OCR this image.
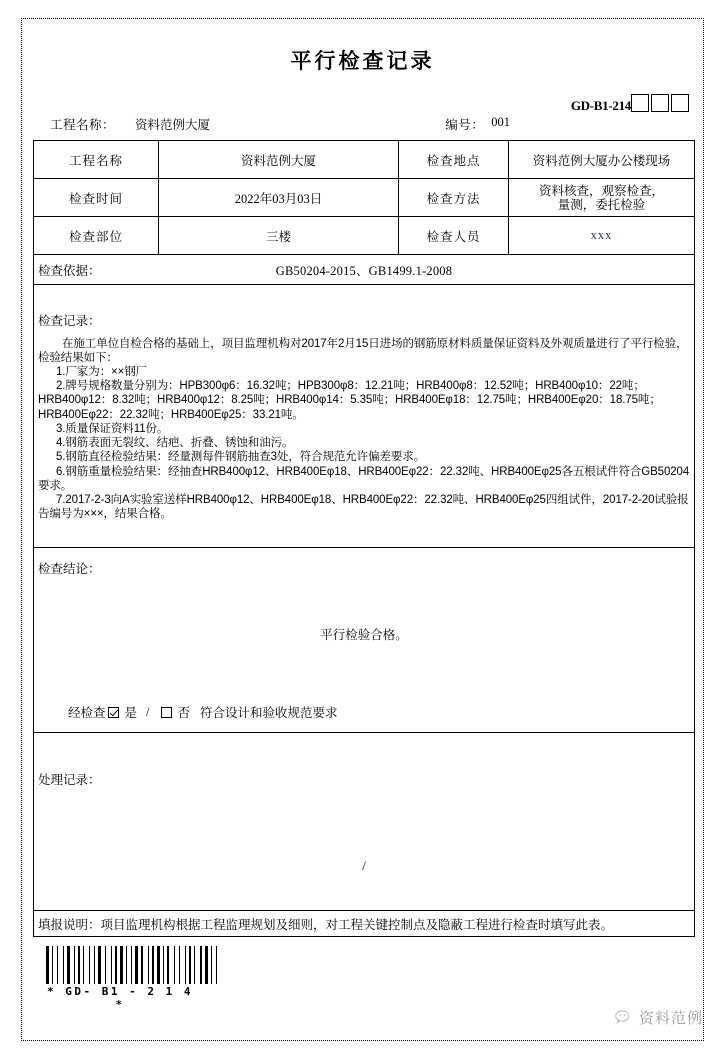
平行检查记录
GD-B1-214
工程名称： 资料范例大厦	编号： 001
工程名称	资料范例大厦	检查地点	资料范例大厦办公楼现场
检查时间	2022年03月03日	检查方法	资料核查，观察检查，
量测，委托检验

检查部位	三楼	检查人员	xxx
检查依据： GB50204-2015、GB1499.1-2008			

检查记录：

在施工单位自检合格的基础上，项目监理机构对2017年2月15日进场的钢筋原材料质量保证资料及外观质量进行了平行检验，检验结果如下：

1.厂家为：××钢厂

2.牌号规格数量分别为：HPB300φ6：16.32吨；HPB300φ8：12.21吨；HRB400φ8：12.52吨；HRB400φ10：22吨；HRB400φ12：8.32吨；HRB400φ12：8.25吨；HRB400φ14：5.35吨；HRB400Eφ18：12.75吨；HRB400Eφ20：18.75吨；HRB400Eφ22：22.32吨；HRB400Eφ25：33.21吨。

3.质量保证资料11份。

4.钢筋表面无裂纹、结疤、折叠、锈蚀和油污。

5.钢筋直径检验结果：经量测每件钢筋抽查3处，符合规范允许偏差要求。

6.钢筋重量检验结果：经抽查HRB400φ12、HRB400Eφ18、HRB400Eφ22：22.32吨、HRB400Eφ25各五根试件符合GB50204要求。

7.2017-2-3向A实验室送样HRB400φ12、HRB400Eφ18、HRB400Eφ22：22.32吨、HRB400Eφ25四组试件，2017-2-20试验报告编号为×××，结果合格。

检查结论：
平行检验合格。
经检查 是 / 否 符合设计和验收规范要求

处理记录：
/			

填报说明：项目监理机构根据工程监理规划及细则，对工程关键控制点及隐蔽工程进行检查时填写此表。			
* GD- B1 - 2 1 4 *
资料范例
